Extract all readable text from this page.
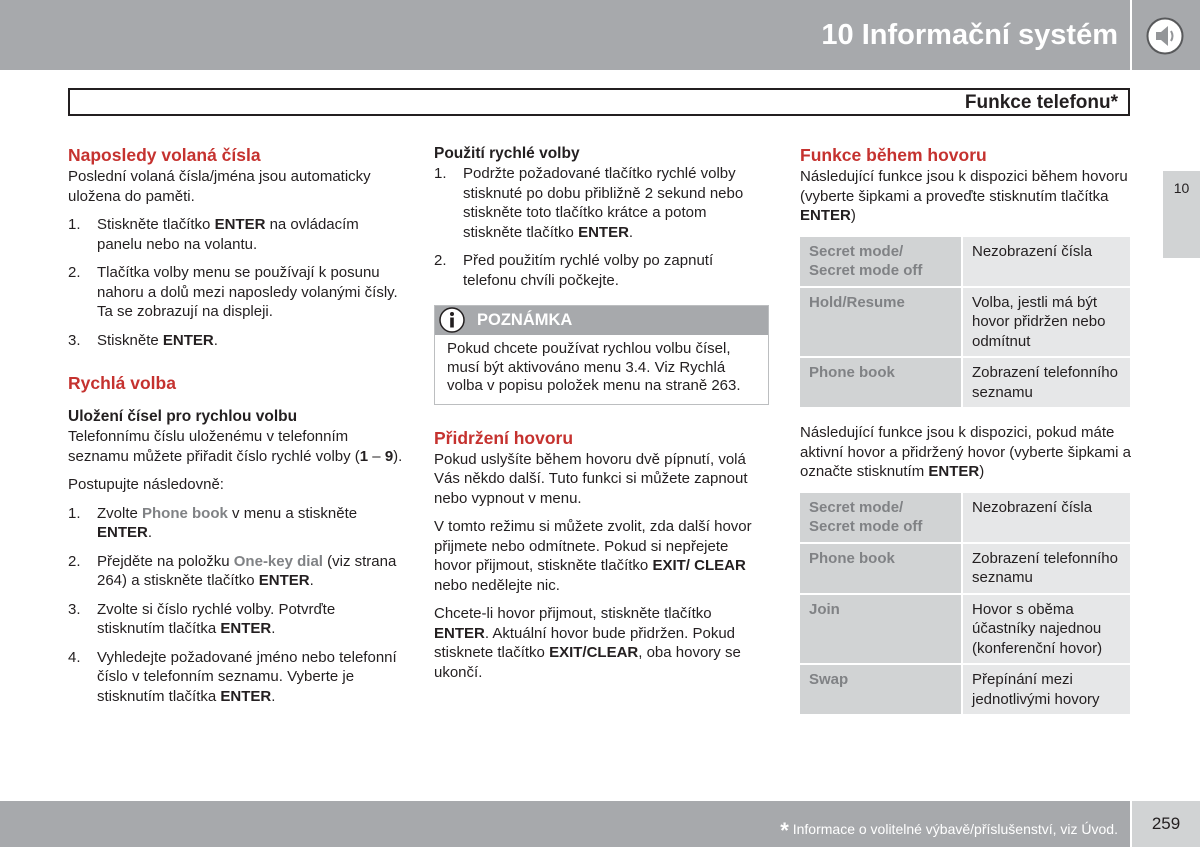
10 Informační systém
Funkce telefonu*
10
Naposledy volaná čísla

Poslední volaná čísla/jména jsou automaticky uložena do paměti.

1. Stiskněte tlačítko ENTER na ovládacím panelu nebo na volantu.
2. Tlačítka volby menu se používají k posunu nahoru a dolů mezi naposledy volanými čísly. Ta se zobrazují na displeji.
3. Stiskněte ENTER.
Rychlá volba
Uložení čísel pro rychlou volbu

Telefonnímu číslu uloženému v telefonním seznamu můžete přiřadit číslo rychlé volby (1 – 9).

Postupujte následovně:

1. Zvolte Phone book v menu a stiskněte ENTER.
2. Přejděte na položku One-key dial (viz strana 264) a stiskněte tlačítko ENTER.
3. Zvolte si číslo rychlé volby. Potvrďte stisknutím tlačítka ENTER.
4. Vyhledejte požadované jméno nebo telefonní číslo v telefonním seznamu. Vyberte je stisknutím tlačítka ENTER.
Použití rychlé volby
1. Podržte požadované tlačítko rychlé volby stisknuté po dobu přibližně 2 sekund nebo stiskněte toto tlačítko krátce a potom stiskněte tlačítko ENTER.
2. Před použitím rychlé volby po zapnutí telefonu chvíli počkejte.
POZNÁMKA
Pokud chcete používat rychlou volbu čísel, musí být aktivováno menu 3.4. Viz Rychlá volba v popisu položek menu na straně 263.
Přidržení hovoru

Pokud uslyšíte během hovoru dvě pípnutí, volá Vás někdo další. Tuto funkci si můžete zapnout nebo vypnout v menu.

V tomto režimu si můžete zvolit, zda další hovor přijmete nebo odmítnete. Pokud si nepřejete hovor přijmout, stiskněte tlačítko EXIT/ CLEAR nebo nedělejte nic.

Chcete-li hovor přijmout, stiskněte tlačítko ENTER. Aktuální hovor bude přidržen. Pokud stisknete tlačítko EXIT/CLEAR, oba hovory se ukončí.

Funkce během hovoru

Následující funkce jsou k dispozici během hovoru (vyberte šipkami a proveďte stisknutím tlačítka ENTER)

Secret mode/ Secret mode off	Nezobrazení čísla
Hold/Resume	Volba, jestli má být hovor přidržen nebo odmítnut
Phone book	Zobrazení telefonního seznamu

Následující funkce jsou k dispozici, pokud máte aktivní hovor a přidržený hovor (vyberte šipkami a označte stisknutím ENTER)

Secret mode/ Secret mode off	Nezobrazení čísla
Phone book	Zobrazení telefonního seznamu
Join	Hovor s oběma účastníky najednou (konferenční hovor)
Swap	Přepínání mezi jednotlivými hovory
* Informace o volitelné výbavě/příslušenství, viz Úvod.	259
